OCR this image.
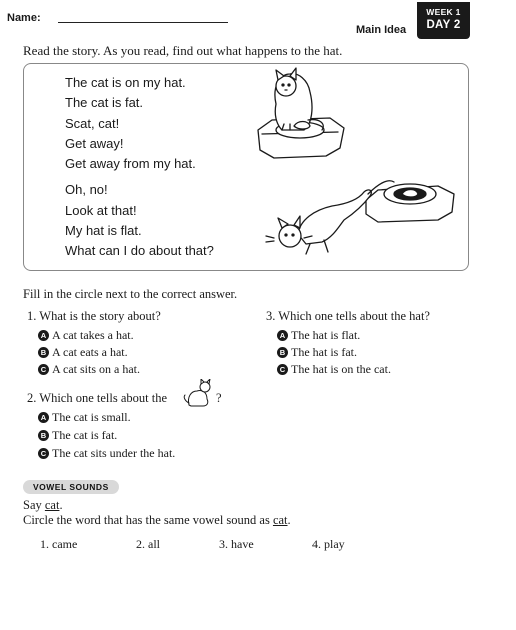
Name:
Main Idea
WEEK 1
DAY 2
Read the story. As you read, find out what happens to the hat.
The cat is on my hat.
The cat is fat.
Scat, cat!
Get away!
Get away from my hat.
Oh, no!
Look at that!
My hat is flat.
What can I do about that?
Fill in the circle next to the correct answer.
1. What is the story about?
A A cat takes a hat.
B A cat eats a hat.
C A cat sits on a hat.
3. Which one tells about the hat?
A The hat is flat.
B The hat is fat.
C The hat is on the cat.
2. Which one tells about the	?
A The cat is small.
B The cat is fat.
C The cat sits under the hat.
VOWEL SOUNDS
Say cat.
Circle the word that has the same vowel sound as cat.
1. came	2. all	3. have	4. play
